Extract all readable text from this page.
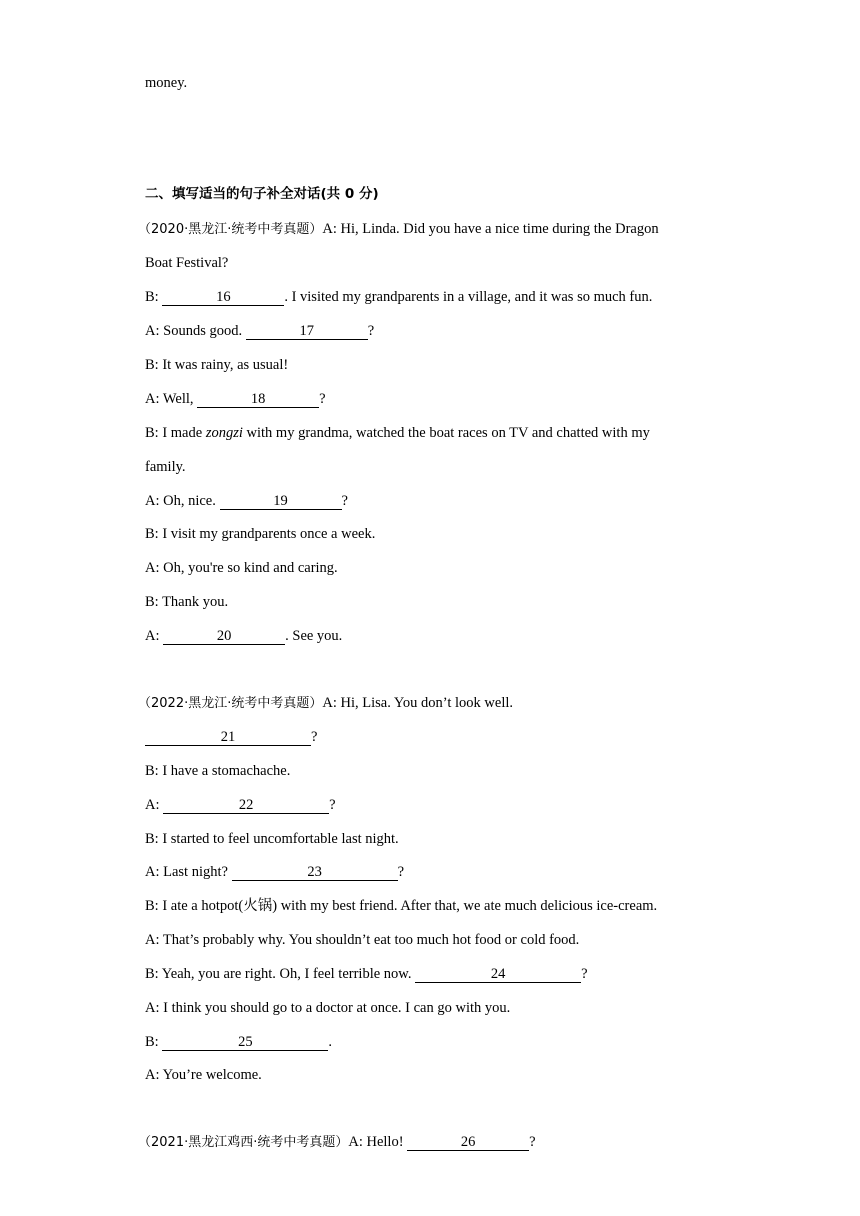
money.
二、填写适当的句子补全对话(共 0 分)
（2020·黑龙江·统考中考真题）A: Hi, Linda. Did you have a nice time during the Dragon
Boat Festival?
B:	16	. I visited my grandparents in a village, and it was so much fun.
A: Sounds good.	17	?
B: It was rainy, as usual!
A: Well,	18	?
B: I made zongzi with my grandma, watched the boat races on TV and chatted with my
family.
A: Oh, nice.	19	?
B: I visit my grandparents once a week.
A: Oh, you're so kind and caring.
B: Thank you.
A:	20	. See you.
（2022·黑龙江·统考中考真题）A: Hi, Lisa. You don’t look well.
21	?
B: I have a stomachache.
A:	22	?
B: I started to feel uncomfortable last night.
A: Last night?	23	?
B: I ate a hotpot(火锅) with my best friend. After that, we ate much delicious ice-cream.
A: That’s probably why. You shouldn’t eat too much hot food or cold food.
B: Yeah, you are right. Oh, I feel terrible now.	24	?
A: I think you should go to a doctor at once. I can go with you.
B:	25	.
A: You’re welcome.
（2021·黑龙江鸡西·统考中考真题）A: Hello!	26	?
